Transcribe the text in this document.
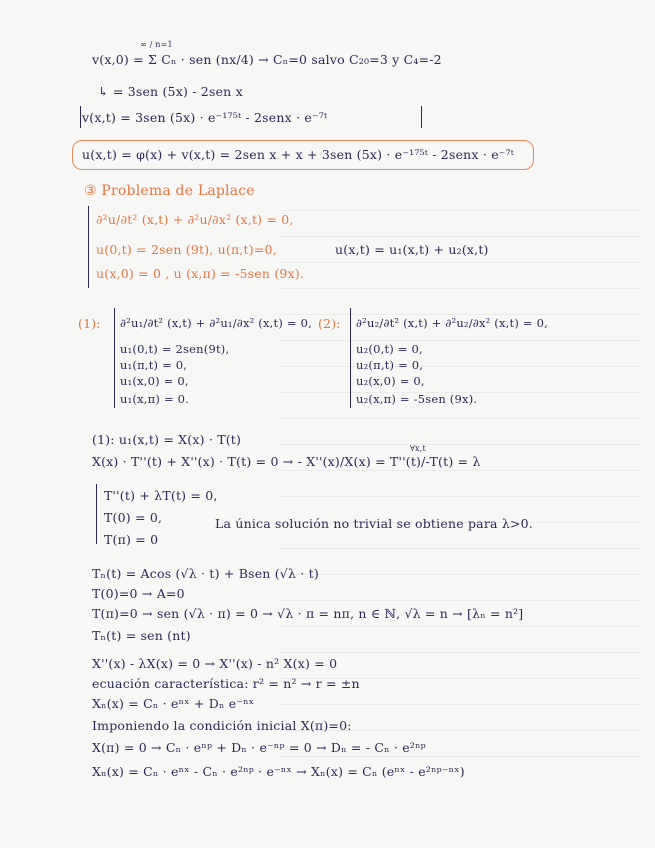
v(x,0) = Σ Cₙ · sen (nx/4) → Cₙ=0 salvo C₂₀=3 y C₄=-2
∞ / n=1
↳ = 3sen (5x) - 2sen x
v(x,t) = 3sen (5x) · e⁻¹⁷⁵ᵗ - 2senx · e⁻⁷ᵗ
u(x,t) = φ(x) + v(x,t) = 2sen x + x + 3sen (5x) · e⁻¹⁷⁵ᵗ - 2senx · e⁻⁷ᵗ
③ Problema de Laplace
∂²u/∂t² (x,t) + ∂²u/∂x² (x,t) = 0,
u(0,t) = 2sen (9t), u(π,t)=0,
u(x,0) = 0 , u (x,π) = -5sen (9x).
u(x,t) = u₁(x,t) + u₂(x,t)
(1): ∂²u₁/∂t² (x,t) + ∂²u₁/∂x² (x,t) = 0,
u₁(0,t) = 2sen(9t),
u₁(π,t) = 0,
u₁(x,0) = 0,
u₁(x,π) = 0.
(2): ∂²u₂/∂t² (x,t) + ∂²u₂/∂x² (x,t) = 0,
u₂(0,t) = 0,
u₂(π,t) = 0,
u₂(x,0) = 0,
u₂(x,π) = -5sen (9x).
(1): u₁(x,t) = X(x) · T(t)
X(x) · T''(t) + X''(x) · T(t) = 0 → - X''(x)/X(x) = T''(t)/-T(t) = λ
∀x,t
T''(t) + λT(t) = 0,
T(0) = 0,
T(π) = 0
La única solución no trivial se obtiene para λ>0.
Tₙ(t) = Acos (√λ · t) + Bsen (√λ · t)
T(0)=0 → A=0
T(π)=0 → sen (√λ · π) = 0 → √λ · π = nπ, n ∈ ℕ, √λ = n → [λₙ = n²]
Tₙ(t) = sen (nt)
X''(x) - λX(x) = 0 → X''(x) - n² X(x) = 0
ecuación característica: r² = n² → r = ±n
Xₙ(x) = Cₙ · eⁿˣ + Dₙ e⁻ⁿˣ
Imponiendo la condición inicial X(π)=0:
X(π) = 0 → Cₙ · eⁿᵖ + Dₙ · e⁻ⁿᵖ = 0 → Dₙ = - Cₙ · e²ⁿᵖ
Xₙ(x) = Cₙ · eⁿˣ - Cₙ · e²ⁿᵖ · e⁻ⁿˣ → Xₙ(x) = Cₙ (eⁿˣ - e²ⁿᵖ⁻ⁿˣ)
